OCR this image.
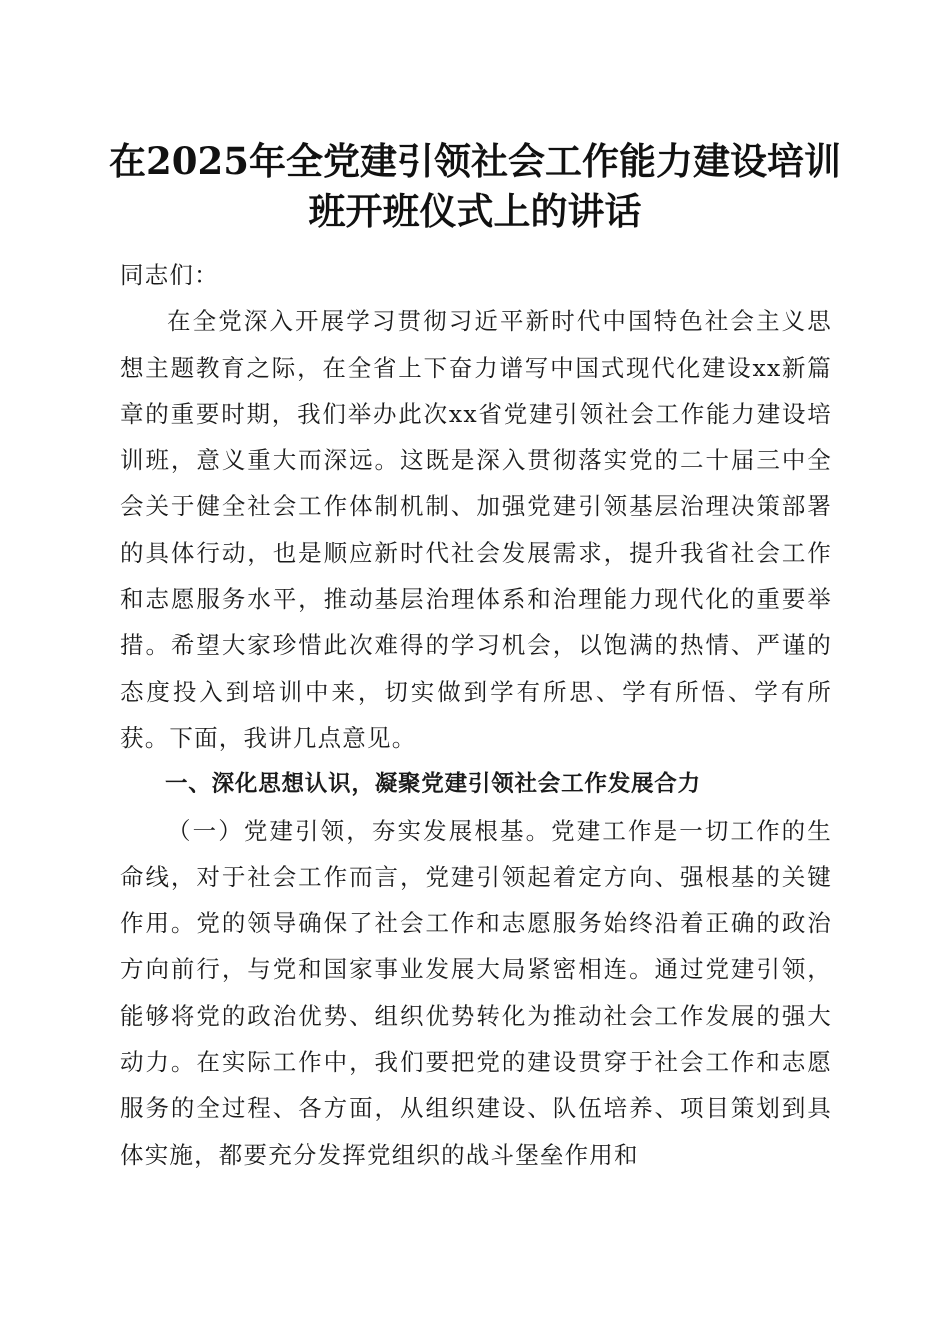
在2025年全党建引领社会工作能力建设培训
班开班仪式上的讲话

同志们：

在全党深入开展学习贯彻习近平新时代中国特色社会主义思想主题教育之际，在全省上下奋力谱写中国式现代化建设xx新篇章的重要时期，我们举办此次xx省党建引领社会工作能力建设培训班，意义重大而深远。这既是深入贯彻落实党的二十届三中全会关于健全社会工作体制机制、加强党建引领基层治理决策部署的具体行动，也是顺应新时代社会发展需求，提升我省社会工作和志愿服务水平，推动基层治理体系和治理能力现代化的重要举措。希望大家珍惜此次难得的学习机会，以饱满的热情、严谨的态度投入到培训中来，切实做到学有所思、学有所悟、学有所获。下面，我讲几点意见。

一、深化思想认识，凝聚党建引领社会工作发展合力

（一）党建引领，夯实发展根基。党建工作是一切工作的生命线，对于社会工作而言，党建引领起着定方向、强根基的关键作用。党的领导确保了社会工作和志愿服务始终沿着正确的政治方向前行，与党和国家事业发展大局紧密相连。通过党建引领，能够将党的政治优势、组织优势转化为推动社会工作发展的强大动力。在实际工作中，我们要把党的建设贯穿于社会工作和志愿服务的全过程、各方面，从组织建设、队伍培养、项目策划到具体实施，都要充分发挥党组织的战斗堡垒作用和
